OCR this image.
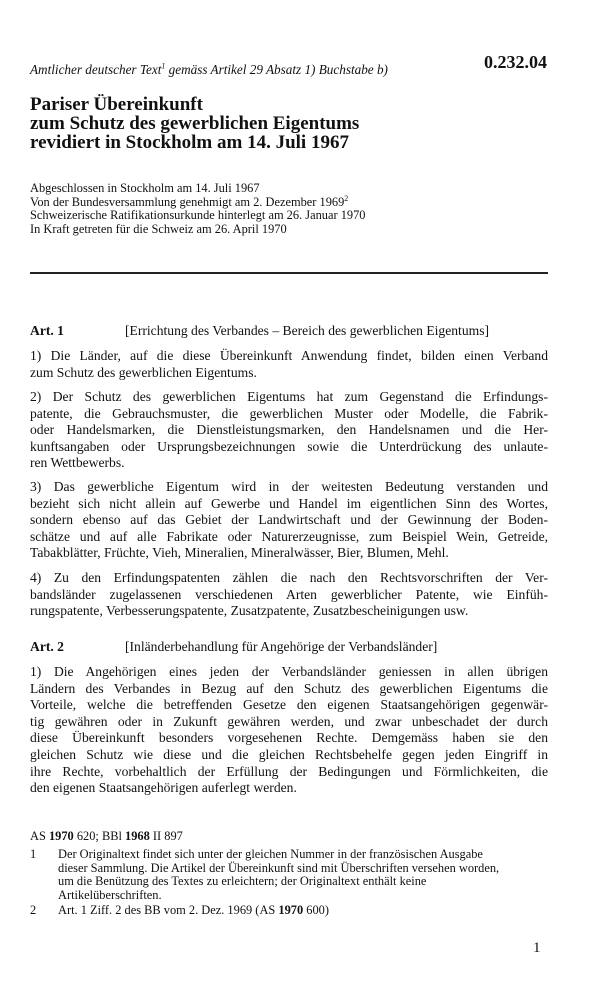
Amtlicher deutscher Text$^1$ gemäss Artikel 29 Absatz 1) Buchstabe b)	0.232.04
Pariser Übereinkunft
zum Schutz des gewerblichen Eigentums
revidiert in Stockholm am 14. Juli 1967
Abgeschlossen in Stockholm am 14. Juli 1967
Von der Bundesversammlung genehmigt am 2. Dezember 1969$^2$
Schweizerische Ratifikationsurkunde hinterlegt am 26. Januar 1970
In Kraft getreten für die Schweiz am 26. April 1970
Art. 1	[Errichtung des Verbandes – Bereich des gewerblichen Eigentums]
1) Die Länder, auf die diese Übereinkunft Anwendung findet, bilden einen Verband
zum Schutz des gewerblichen Eigentums.
2) Der Schutz des gewerblichen Eigentums hat zum Gegenstand die Erfindungs-
patente, die Gebrauchsmuster, die gewerblichen Muster oder Modelle, die Fabrik-
oder Handelsmarken, die Dienstleistungsmarken, den Handelsnamen und die Her-
kunftsangaben oder Ursprungsbezeichnungen sowie die Unterdrückung des unlaute-
ren Wettbewerbs.
3) Das gewerbliche Eigentum wird in der weitesten Bedeutung verstanden und
bezieht sich nicht allein auf Gewerbe und Handel im eigentlichen Sinn des Wortes,
sondern ebenso auf das Gebiet der Landwirtschaft und der Gewinnung der Boden-
schätze und auf alle Fabrikate oder Naturerzeugnisse, zum Beispiel Wein, Getreide,
Tabakblätter, Früchte, Vieh, Mineralien, Mineralwässer, Bier, Blumen, Mehl.
4) Zu den Erfindungspatenten zählen die nach den Rechtsvorschriften der Ver-
bandsländer zugelassenen verschiedenen Arten gewerblicher Patente, wie Einfüh-
rungspatente, Verbesserungspatente, Zusatzpatente, Zusatzbescheinigungen usw.
Art. 2	[Inländerbehandlung für Angehörige der Verbandsländer]
1) Die Angehörigen eines jeden der Verbandsländer geniessen in allen übrigen
Ländern des Verbandes in Bezug auf den Schutz des gewerblichen Eigentums die
Vorteile, welche die betreffenden Gesetze den eigenen Staatsangehörigen gegenwär-
tig gewähren oder in Zukunft gewähren werden, und zwar unbeschadet der durch
diese Übereinkunft besonders vorgesehenen Rechte. Demgemäss haben sie den
gleichen Schutz wie diese und die gleichen Rechtsbehelfe gegen jeden Eingriff in
ihre Rechte, vorbehaltlich der Erfüllung der Bedingungen und Förmlichkeiten, die
den eigenen Staatsangehörigen auferlegt werden.
AS 1970 620; BBl 1968 II 897
1 Der Originaltext findet sich unter der gleichen Nummer in der französischen Ausgabe
dieser Sammlung. Die Artikel der Übereinkunft sind mit Überschriften versehen worden,
um die Benützung des Textes zu erleichtern; der Originaltext enthält keine
Artikelüberschriften.
2 Art. 1 Ziff. 2 des BB vom 2. Dez. 1969 (AS 1970 600)
1
